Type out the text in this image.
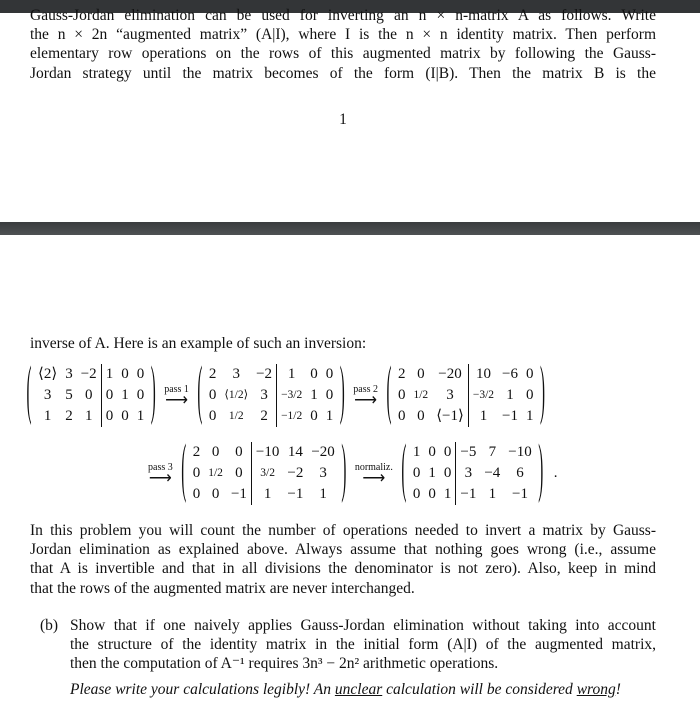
Gauss-Jordan elimination can be used for inverting an n × n-matrix A as follows. Write
the n × 2n “augmented matrix” (A|I), where I is the n × n identity matrix. Then perform
elementary row operations on the rows of this augmented matrix by following the Gauss-
Jordan strategy until the matrix becomes of the form (I|B). Then the matrix B is the
1
inverse of A. Here is an example of such an inversion:
( ⟨2⟩ 3 −2 1 0 0
3 5 0 0 1 0
1 2 1 0 0 1 ) pass 1
⟶ ( 2	3	−2	1 0 0
0 ⟨1/2⟩ 3	−3/2 1 0
0	1/2	2	−1/2 0 1 ) pass 2
⟶ ( 2 0 −20 10 −6 0
0 1/2	3	−3/2 1 0
0 0 ⟨−1⟩	1 −1 1 )
pass 3
⟶ ( 2 0	0 −10 14 −20
0 1/2 0	3/2 −2	3
0 0 −1	1	−1	1 ) normaliz.
⟶ ( 1 0 0 −5 7 −10
0 1 0 3 −4	6
0 0 1 −1 1	−1 ) .
In this problem you will count the number of operations needed to invert a matrix by Gauss-
Jordan elimination as explained above. Always assume that nothing goes wrong (i.e., assume
that A is invertible and that in all divisions the denominator is not zero). Also, keep in mind
that the rows of the augmented matrix are never interchanged.
(b) Show that if one naively applies Gauss-Jordan elimination without taking into account
the structure of the identity matrix in the initial form (A|I) of the augmented matrix,
then the computation of A⁻¹ requires 3n³ − 2n² arithmetic operations.
Please write your calculations legibly! An unclear calculation will be considered wrong!
